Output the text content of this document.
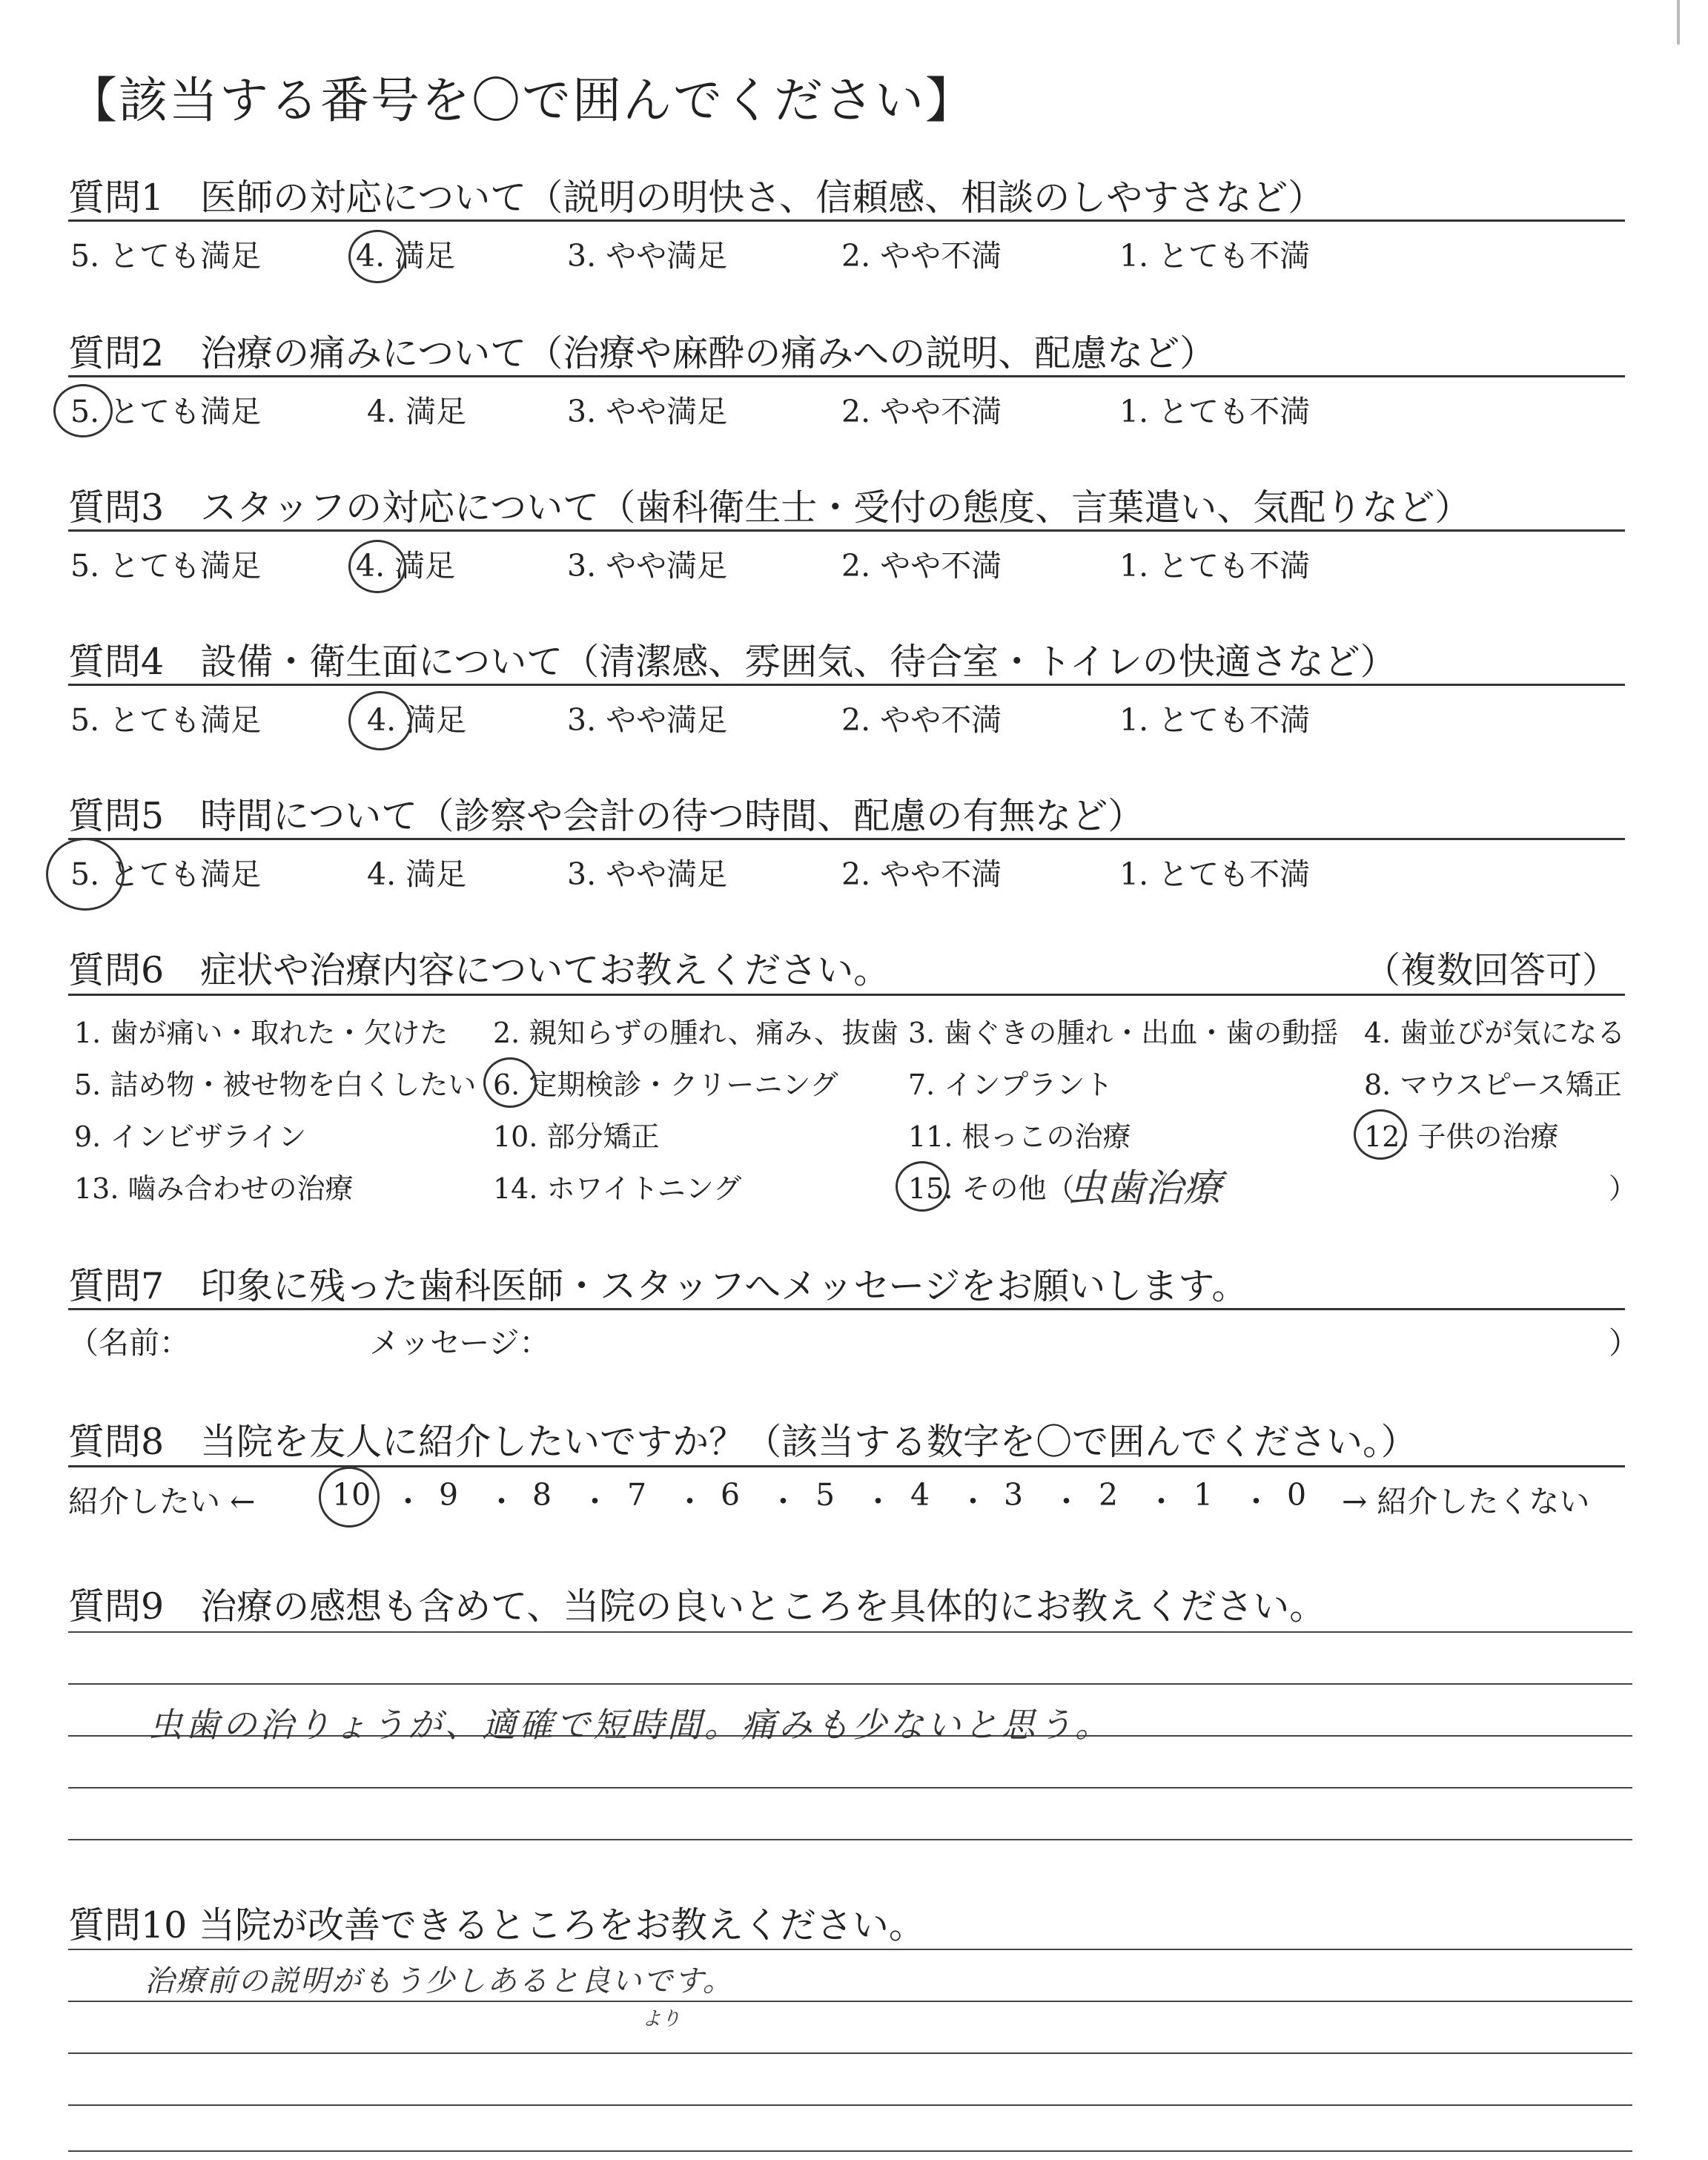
【該当する番号を〇で囲んでください】
質問1　医師の対応について（説明の明快さ、信頼感、相談のしやすさなど）
5. とても満足	4. 満足	3. やや満足	2. やや不満	1. とても不満
質問2　治療の痛みについて（治療や麻酔の痛みへの説明、配慮など）
5. とても満足	4. 満足	3. やや満足	2. やや不満	1. とても不満
質問3　スタッフの対応について（歯科衛生士・受付の態度、言葉遣い、気配りなど）
5. とても満足	4. 満足	3. やや満足	2. やや不満	1. とても不満
質問4　設備・衛生面について（清潔感、雰囲気、待合室・トイレの快適さなど）
5. とても満足	4. 満足	3. やや満足	2. やや不満	1. とても不満
質問5　時間について（診察や会計の待つ時間、配慮の有無など）
5. とても満足	4. 満足	3. やや満足	2. やや不満	1. とても不満
質問6　症状や治療内容についてお教えください。	（複数回答可）
1. 歯が痛い・取れた・欠けた 2. 親知らずの腫れ、痛み、抜歯 3. 歯ぐきの腫れ・出血・歯の動揺 4. 歯並びが気になる
5. 詰め物・被せ物を白くしたい 6. 定期検診・クリーニング 7. インプラント	8. マウスピース矯正
9. インビザライン	10. 部分矯正	11. 根っこの治療	12. 子供の治療
13. 嚙み合わせの治療	14. ホワイトニング	15. その他（
虫歯治療	）
質問7　印象に残った歯科医師・スタッフへメッセージをお願いします。
（名前：	メッセージ：	）
質問8　当院を友人に紹介したいですか？（該当する数字を〇で囲んでください。）
紹介したい ←	10 ・ 9 ・ 8 ・ 7 ・ 6 ・ 5 ・ 4 ・ 3 ・ 2 ・ 1 ・ 0 → 紹介したくない
質問9　治療の感想も含めて、当院の良いところを具体的にお教えください。
虫歯の治りょうが、適確で短時間。痛みも少ないと思う。
質問10 当院が改善できるところをお教えください。
治療前の説明がもう少しあると良いです。
より
